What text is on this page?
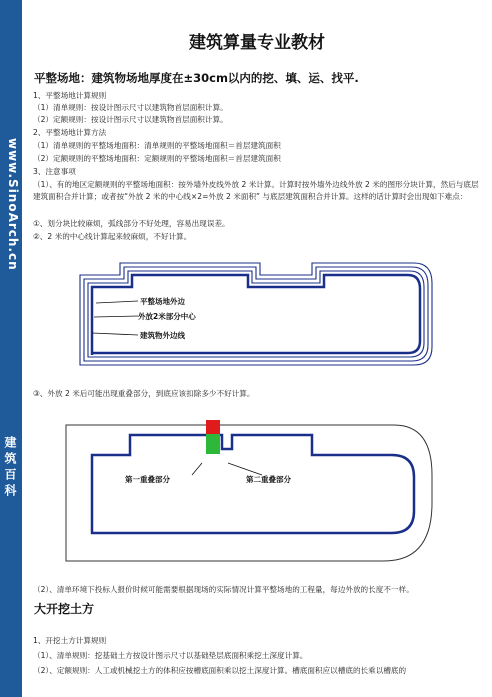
www.SinoArch.cn
建筑百科
建筑算量专业教材
平整场地：建筑物场地厚度在±30cm以内的挖、填、运、找平.
1、平整场地计算规则
（1）清单规则：按设计图示尺寸以建筑物首层面积计算。
（2）定额规则：按设计图示尺寸以建筑物首层面积计算。
2、平整场地计算方法
（1）清单规则的平整场地面积：清单规则的平整场地面积＝首层建筑面积
（2）定额规则的平整场地面积：定额规则的平整场地面积＝首层建筑面积
3、注意事项
（1）、有的地区定额规则的平整场地面积：按外墙外皮线外放 2 米计算。计算时按外墙外边线外放 2 米的图形分块计算，然后与底层建筑面积合并计算；或者按“外放 2 米的中心线×2=外放 2 米面积” 与底层建筑面积合并计算。这样的话计算时会出现如下难点：
①、划分块比较麻烦，弧线部分不好处理，容易出现误差。
②、2 米的中心线计算起来较麻烦，不好计算。
平整场地外边
外放2米部分中心
建筑物外边线
③、外放 2 米后可能出现重叠部分，到底应该扣除多少不好计算。
第一重叠部分	第二重叠部分
（2）、清单环境下投标人报价时候可能需要根据现场的实际情况计算平整场地的工程量，每边外放的长度不一样。
大开挖土方
1、开挖土方计算规则
（1）、清单规则：挖基础土方按设计图示尺寸以基础垫层底面积乘挖土深度计算。
（2）、定额规则：人工或机械挖土方的体积应按槽底面积乘以挖土深度计算。槽底面积应以槽底的长乘以槽底的
